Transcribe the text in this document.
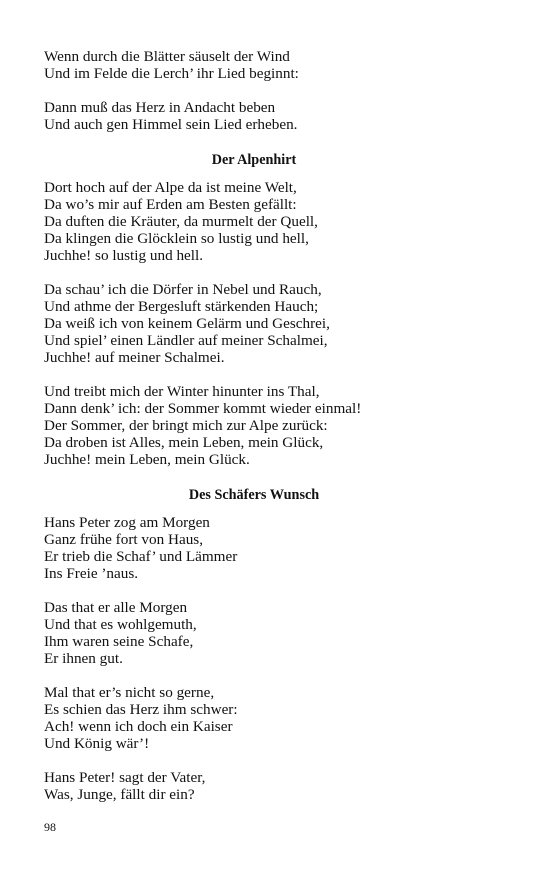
Wenn durch die Blätter säuselt der Wind

Und im Felde die Lerch’ ihr Lied beginnt:

Dann muß das Herz in Andacht beben

Und auch gen Himmel sein Lied erheben.

Der Alpenhirt

Dort hoch auf der Alpe da ist meine Welt,

Da wo’s mir auf Erden am Besten gefällt:

Da duften die Kräuter, da murmelt der Quell,

Da klingen die Glöcklein so lustig und hell,

Juchhe! so lustig und hell.

Da schau’ ich die Dörfer in Nebel und Rauch,

Und athme der Bergesluft stärkenden Hauch;

Da weiß ich von keinem Gelärm und Geschrei,

Und spiel’ einen Ländler auf meiner Schalmei,

Juchhe! auf meiner Schalmei.

Und treibt mich der Winter hinunter ins Thal,

Dann denk’ ich: der Sommer kommt wieder einmal!

Der Sommer, der bringt mich zur Alpe zurück:

Da droben ist Alles, mein Leben, mein Glück,

Juchhe! mein Leben, mein Glück.

Des Schäfers Wunsch

Hans Peter zog am Morgen

Ganz frühe fort von Haus,

Er trieb die Schaf’ und Lämmer

Ins Freie ’naus.

Das that er alle Morgen

Und that es wohlgemuth,

Ihm waren seine Schafe,

Er ihnen gut.

Mal that er’s nicht so gerne,

Es schien das Herz ihm schwer:

Ach! wenn ich doch ein Kaiser

Und König wär’!

Hans Peter! sagt der Vater,

Was, Junge, fällt dir ein?

98
